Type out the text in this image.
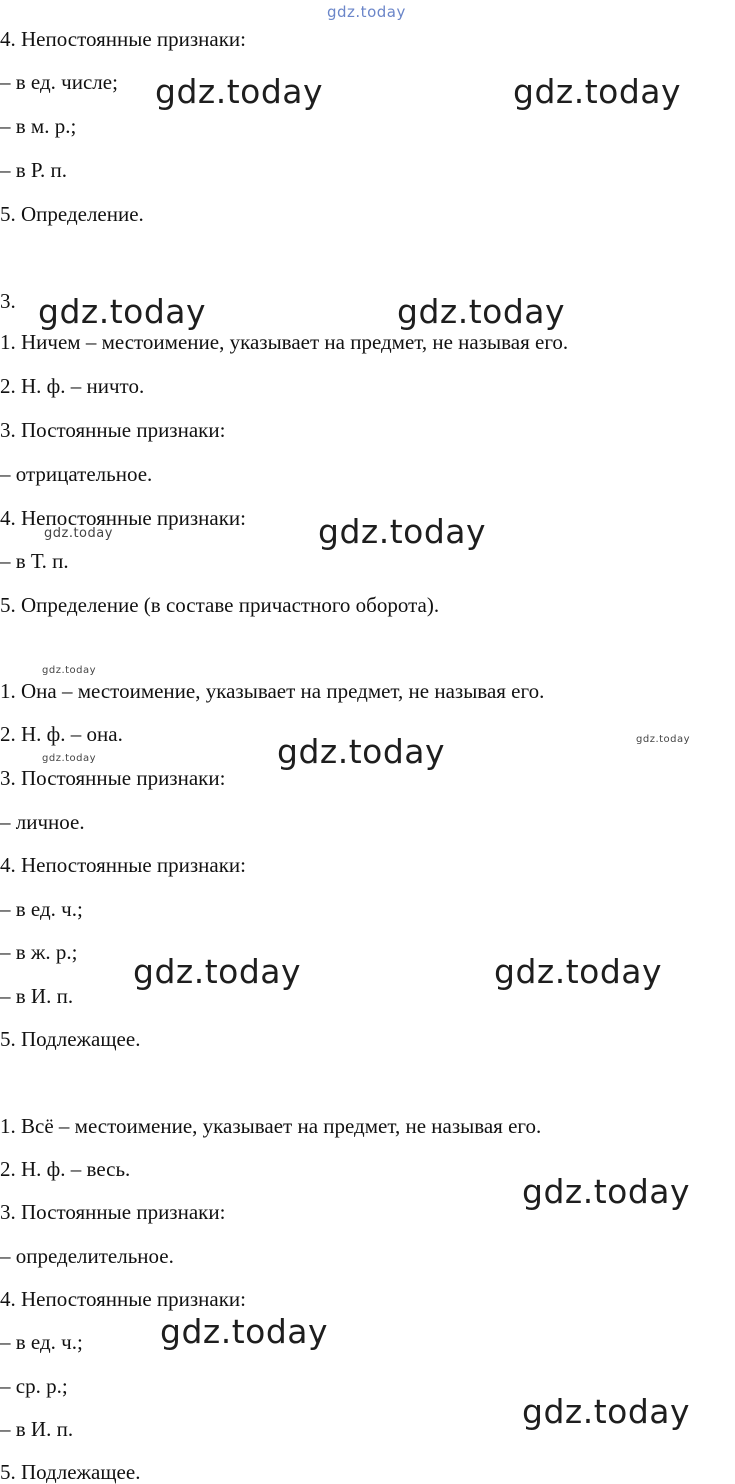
gdz.today
gdz.today	gdz.today
gdz.today	gdz.today
gdz.today
gdz.today
gdz.today
gdz.today
gdz.today	gdz.today
gdz.today	gdz.today
gdz.today
gdz.today
gdz.today
4. Непостоянные признаки:
– в ед. числе;
– в м. р.;
– в Р. п.
5. Определение.
3.
1. Ничем – местоимение, указывает на предмет, не называя его.
2. Н. ф. – ничто.
3. Постоянные признаки:
– отрицательное.
4. Непостоянные признаки:
– в Т. п.
5. Определение (в составе причастного оборота).
1. Она – местоимение, указывает на предмет, не называя его.
2. Н. ф. – она.
3. Постоянные признаки:
– личное.
4. Непостоянные признаки:
– в ед. ч.;
– в ж. р.;
– в И. п.
5. Подлежащее.
1. Всё – местоимение, указывает на предмет, не называя его.
2. Н. ф. – весь.
3. Постоянные признаки:
– определительное.
4. Непостоянные признаки:
– в ед. ч.;
– ср. р.;
– в И. п.
5. Подлежащее.
